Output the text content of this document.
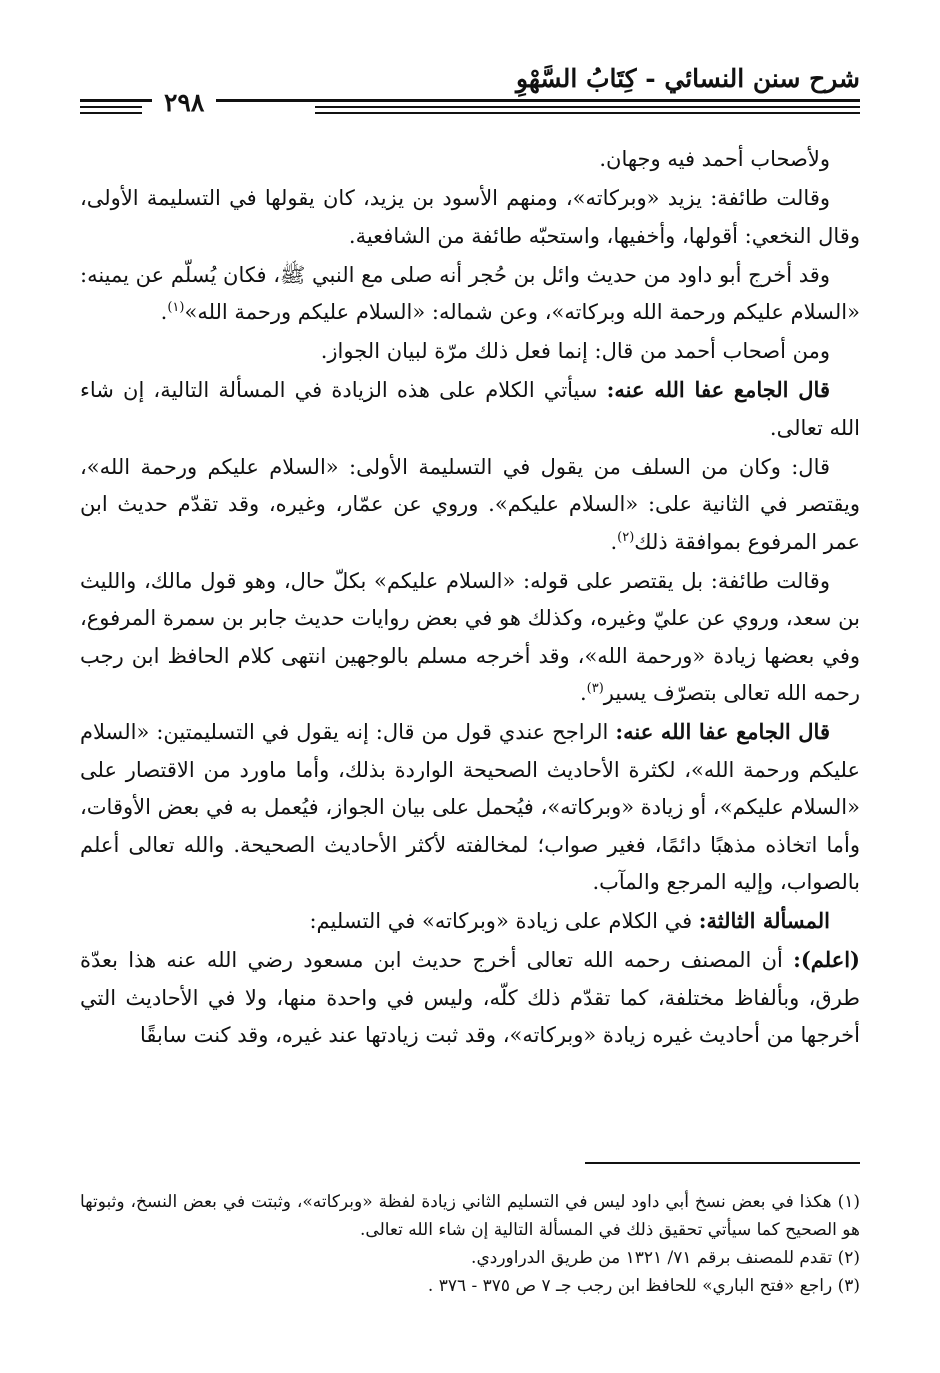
شرح سنن النسائي - كِتَابُ السَّهْوِ
٢٩٨

ولأصحاب أحمد فيه وجهان.

وقالت طائفة: يزيد «وبركاته»، ومنهم الأسود بن يزيد، كان يقولها في التسليمة الأولى، وقال النخعي: أقولها، وأخفيها، واستحبّه طائفة من الشافعية.

وقد أخرج أبو داود من حديث وائل بن حُجر أنه صلى مع النبي ﷺ، فكان يُسلّم عن يمينه: «السلام عليكم ورحمة الله وبركاته»، وعن شماله: «السلام عليكم ورحمة الله»$^{(١)}$.

ومن أصحاب أحمد من قال: إنما فعل ذلك مرّة لبيان الجواز.

قال الجامع عفا الله عنه: سيأتي الكلام على هذه الزيادة في المسألة التالية، إن شاء الله تعالى.

قال: وكان من السلف من يقول في التسليمة الأولى: «السلام عليكم ورحمة الله»، ويقتصر في الثانية على: «السلام عليكم». وروي عن عمّار، وغيره، وقد تقدّم حديث ابن عمر المرفوع بموافقة ذلك$^{(٢)}$.

وقالت طائفة: بل يقتصر على قوله: «السلام عليكم» بكلّ حال، وهو قول مالك، والليث بن سعد، وروي عن عليّ وغيره، وكذلك هو في بعض روايات حديث جابر بن سمرة المرفوع، وفي بعضها زيادة «ورحمة الله»، وقد أخرجه مسلم بالوجهين انتهى كلام الحافظ ابن رجب رحمه الله تعالى بتصرّف يسير$^{(٣)}$.

قال الجامع عفا الله عنه: الراجح عندي قول من قال: إنه يقول في التسليمتين: «السلام عليكم ورحمة الله»، لكثرة الأحاديث الصحيحة الواردة بذلك، وأما ماورد من الاقتصار على «السلام عليكم»، أو زيادة «وبركاته»، فيُحمل على بيان الجواز، فيُعمل به في بعض الأوقات، وأما اتخاذه مذهبًا دائمًا، فغير صواب؛ لمخالفته لأكثر الأحاديث الصحيحة. والله تعالى أعلم بالصواب، وإليه المرجع والمآب.

المسألة الثالثة: في الكلام على زيادة «وبركاته» في التسليم:

(اعلم): أن المصنف رحمه الله تعالى أخرج حديث ابن مسعود رضي الله عنه هذا بعدّة طرق، وبألفاظ مختلفة، كما تقدّم ذلك كلّه، وليس في واحدة منها، ولا في الأحاديث التي أخرجها من أحاديث غيره زيادة «وبركاته»، وقد ثبت زيادتها عند غيره، وقد كنت سابقًا

(١) هكذا في بعض نسخ أبي داود ليس في التسليم الثاني زيادة لفظة «وبركاته»، وثبتت في بعض النسخ، وثبوتها هو الصحيح كما سيأتي تحقيق ذلك في المسألة التالية إن شاء الله تعالى.

(٢) تقدم للمصنف برقم ٧١/ ١٣٢١ من طريق الدراوردي.

(٣) راجع «فتح الباري» للحافظ ابن رجب جـ ٧ ص ٣٧٥ - ٣٧٦ .
